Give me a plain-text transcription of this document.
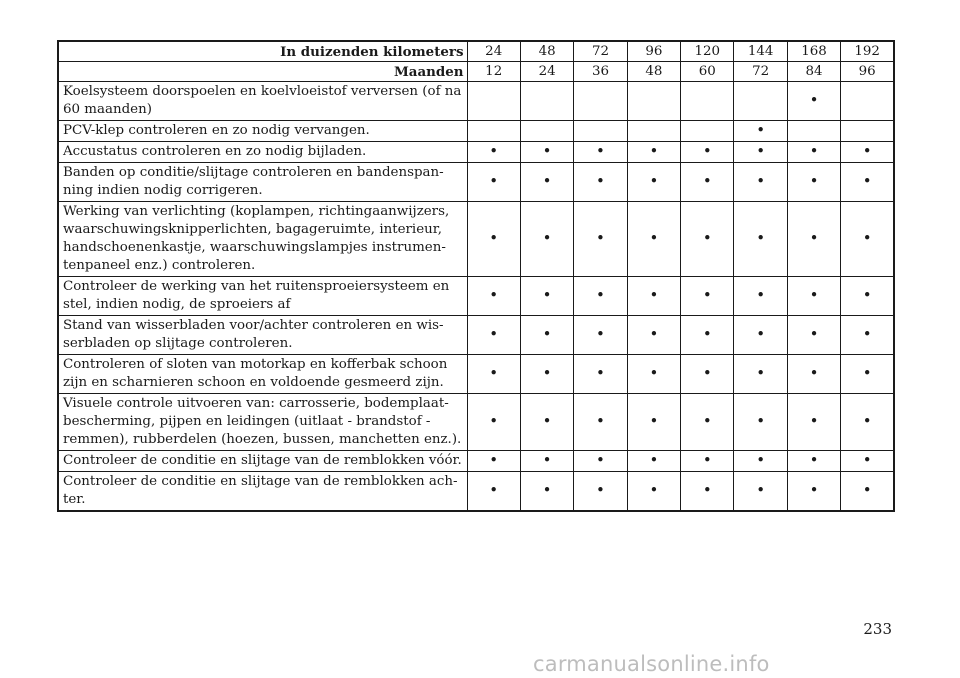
In duizenden kilometers	24	48	72	96	120	144	168	192
Maanden	12	24	36	48	60	72	84	96
Koelsysteem doorspoelen en koelvloeistof verversen (of na 60 maanden)							•	
PCV-klep controleren en zo nodig vervangen.						•		
Accustatus controleren en zo nodig bijladen.	•	•	•	•	•	•	•	•
Banden op conditie/slijtage controleren en bandenspan-ning indien nodig corrigeren.	•	•	•	•	•	•	•	•
Werking van verlichting (koplampen, richtingaanwijzers, waarschuwingsknipperlichten, bagageruimte, interieur, handschoenenkastje, waarschuwingslampjes instrumen-tenpaneel enz.) controleren.	•	•	•	•	•	•	•	•
Controleer de werking van het ruitensproeiersysteem en stel, indien nodig, de sproeiers af	•	•	•	•	•	•	•	•
Stand van wisserbladen voor/achter controleren en wis-serbladen op slijtage controleren.	•	•	•	•	•	•	•	•
Controleren of sloten van motorkap en kofferbak schoon zijn en scharnieren schoon en voldoende gesmeerd zijn.	•	•	•	•	•	•	•	•
Visuele controle uitvoeren van: carrosserie, bodemplaat-bescherming, pijpen en leidingen (uitlaat - brandstof - remmen), rubberdelen (hoezen, bussen, manchetten enz.).	•	•	•	•	•	•	•	•
Controleer de conditie en slijtage van de remblokken vóór.	•	•	•	•	•	•	•	•
Controleer de conditie en slijtage van de remblokken ach-ter.	•	•	•	•	•	•	•	•
233
carmanualsonline.info
